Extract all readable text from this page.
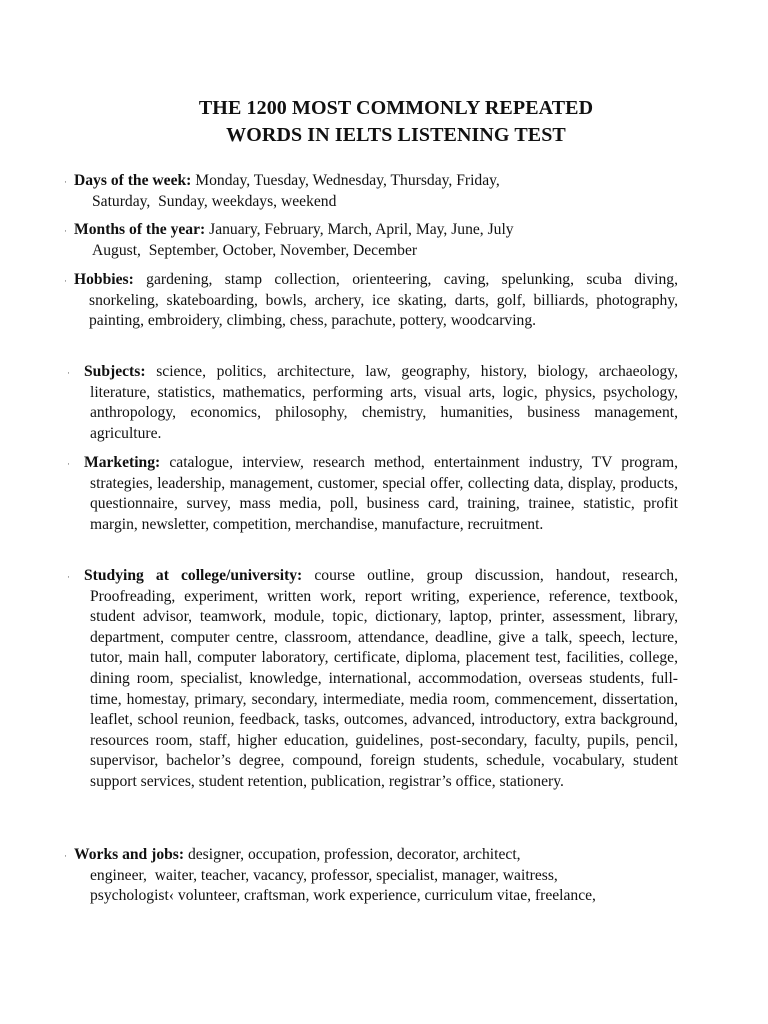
THE 1200 MOST COMMONLY REPEATED
WORDS IN IELTS LISTENING TEST
· Days of the week: Monday, Tuesday, Wednesday, Thursday, Friday,
Saturday,  Sunday, weekdays, weekend
· Months of the year: January, February, March, April, May, June, July
August,  September, October, November, December
· Hobbies: gardening, stamp collection, orienteering, caving, spelunking, scuba diving, snorkeling, skateboarding, bowls, archery, ice skating, darts, golf, billiards, photography, painting, embroidery, climbing, chess, parachute, pottery, woodcarving.
· Subjects: science, politics, architecture, law, geography, history, biology, archaeology, literature, statistics, mathematics, performing arts, visual arts, logic, physics, psychology, anthropology, economics, philosophy, chemistry, humanities, business management, agriculture.
· Marketing: catalogue, interview, research method, entertainment industry, TV program, strategies, leadership, management, customer, special offer, collecting data, display, products, questionnaire, survey, mass media, poll, business card, training, trainee, statistic, profit margin, newsletter, competition, merchandise, manufacture, recruitment.
· Studying at college/university: course outline, group discussion, handout, research, Proofreading, experiment, written work, report writing, experience, reference, textbook, student advisor, teamwork, module, topic, dictionary, laptop, printer, assessment, library, department, computer centre, classroom, attendance, deadline, give a talk, speech, lecture, tutor, main hall, computer laboratory, certificate, diploma, placement test, facilities, college, dining room, specialist, knowledge, international, accommodation, overseas students, full-time, homestay, primary, secondary, intermediate, media room, commencement, dissertation, leaflet, school reunion, feedback, tasks, outcomes, advanced, introductory, extra background, resources room, staff, higher education, guidelines, post-secondary, faculty, pupils, pencil, supervisor, bachelor’s degree, compound, foreign students, schedule, vocabulary, student support services, student retention, publication, registrar’s office, stationery.
· Works and jobs: designer, occupation, profession, decorator, architect,
engineer,  waiter, teacher, vacancy, professor, specialist, manager, waitress,
psychologist‹ volunteer, craftsman, work experience, curriculum vitae, freelance,
